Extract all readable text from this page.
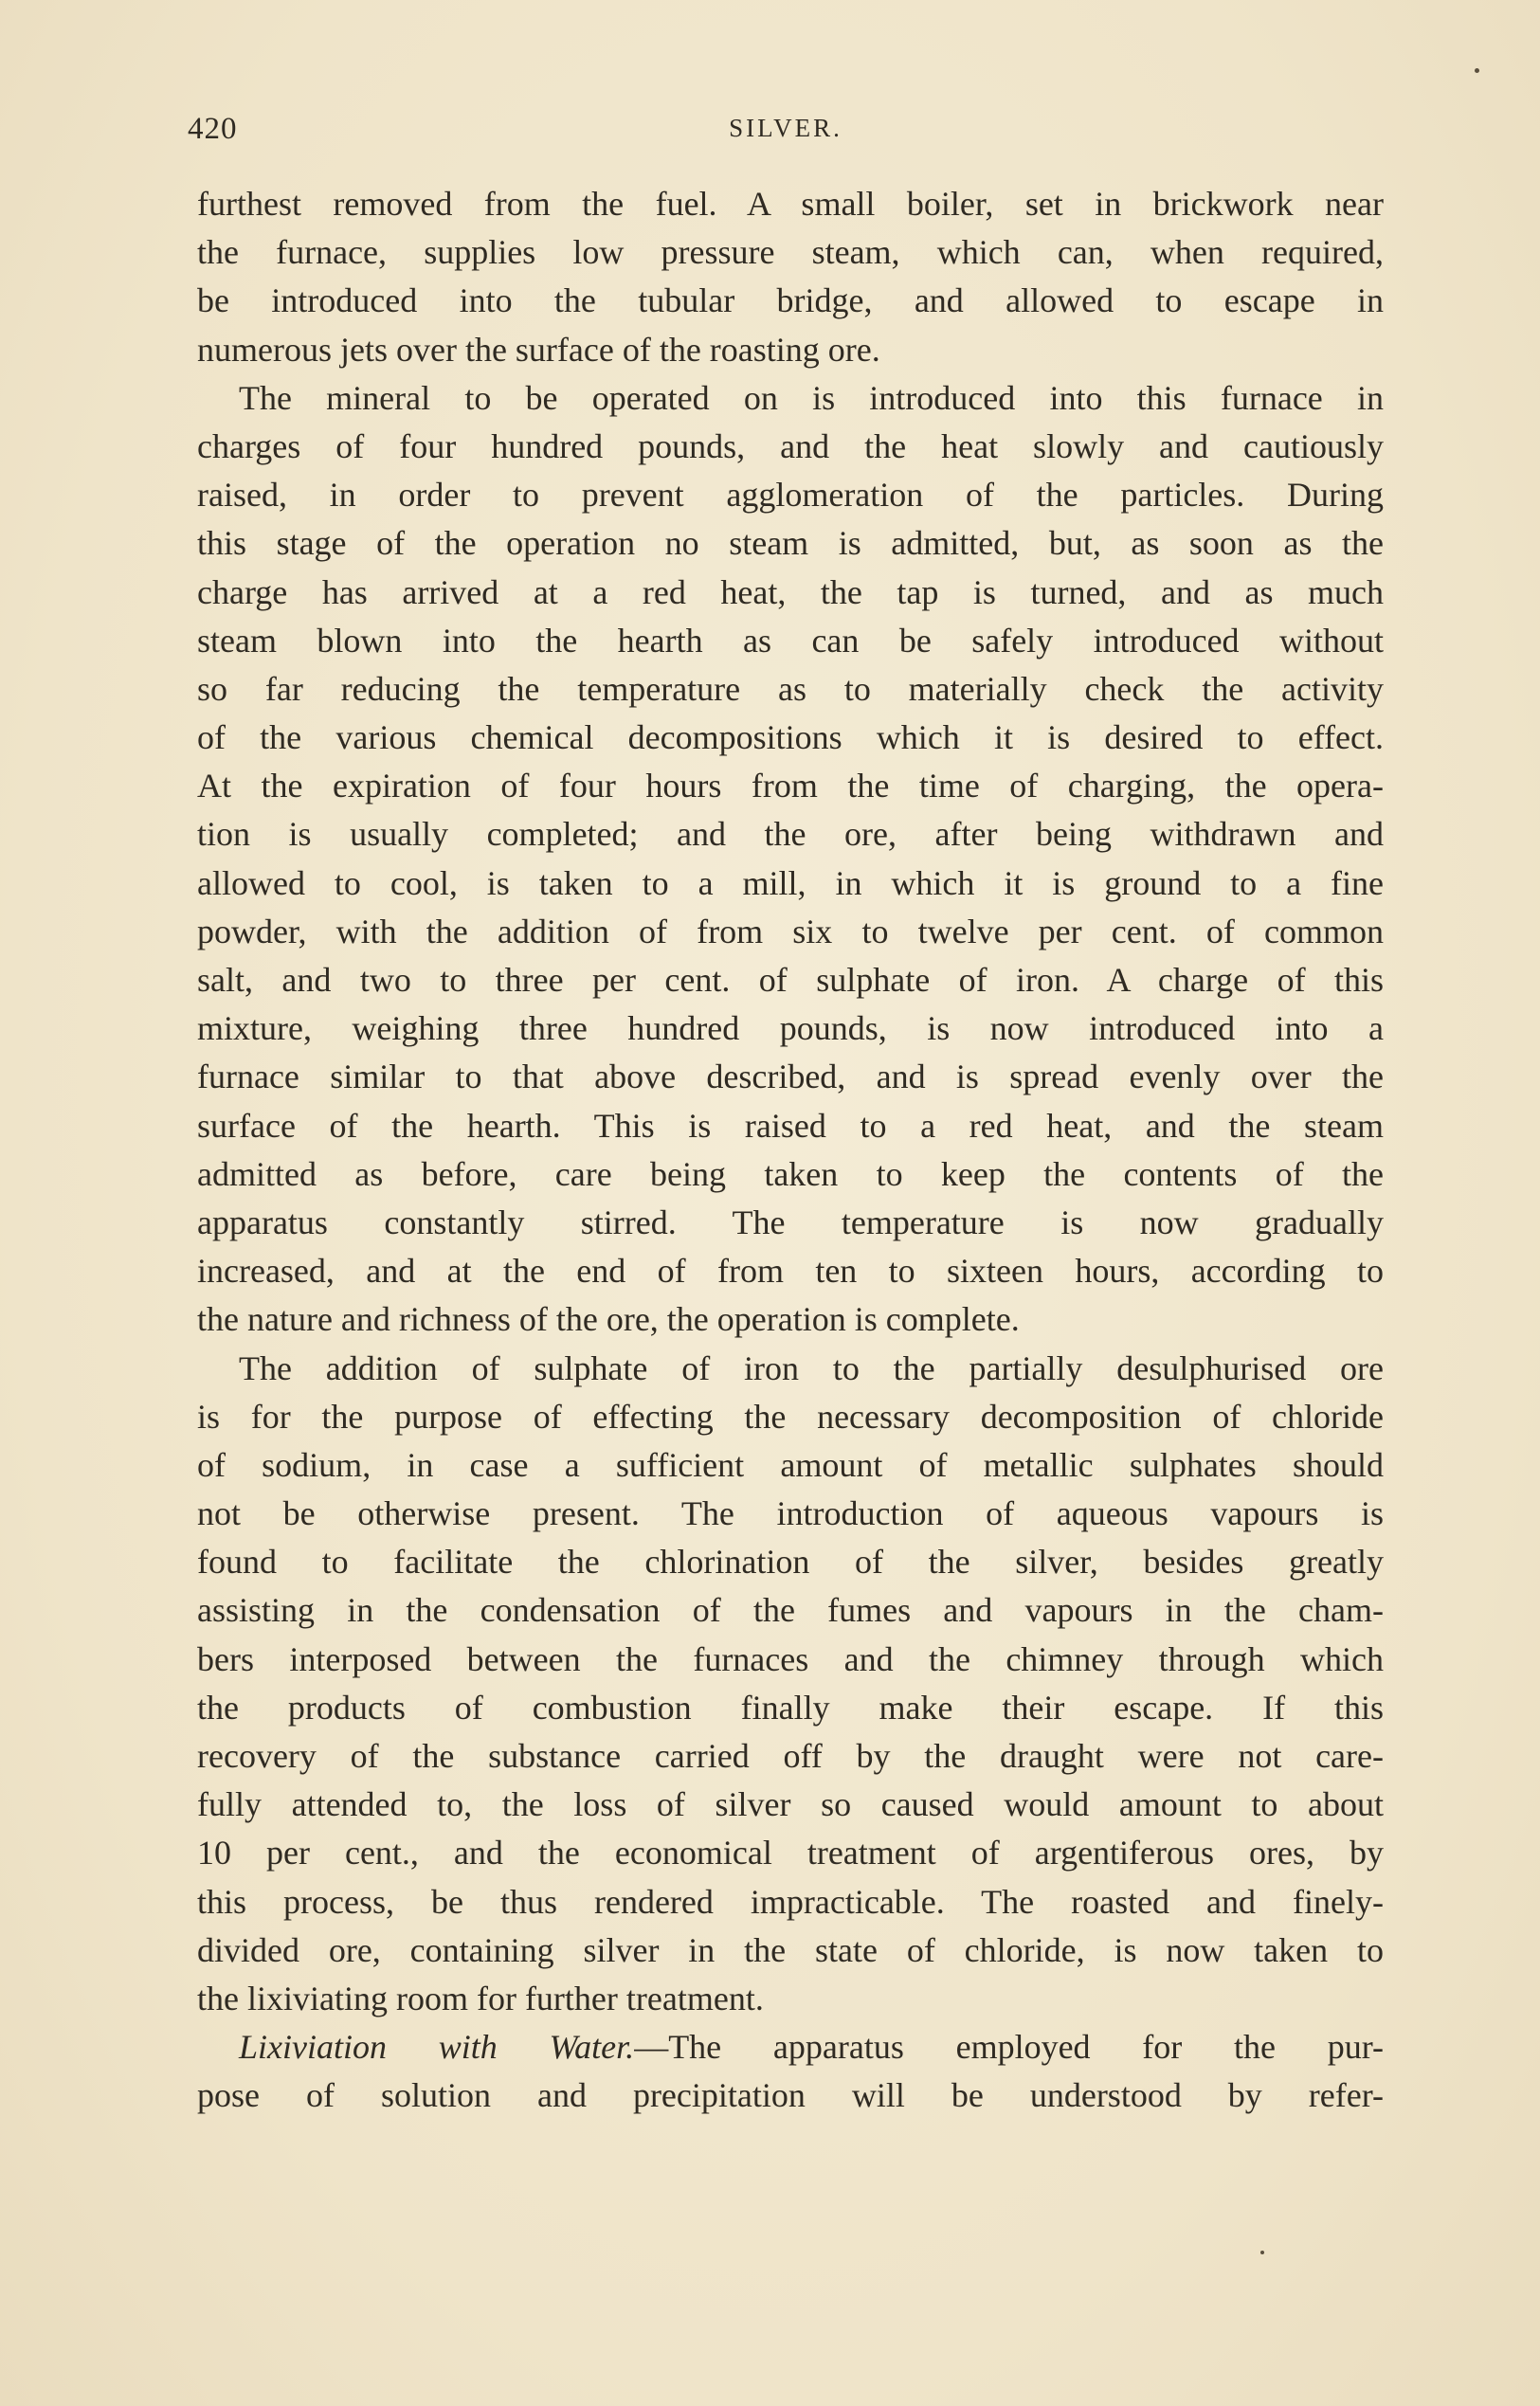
420	SILVER.
furthest removed from the fuel. A small boiler, set in brickwork near
the furnace, supplies low pressure steam, which can, when required,
be introduced into the tubular bridge, and allowed to escape in
numerous jets over the surface of the roasting ore.
The mineral to be operated on is introduced into this furnace in
charges of four hundred pounds, and the heat slowly and cautiously
raised, in order to prevent agglomeration of the particles. During
this stage of the operation no steam is admitted, but, as soon as the
charge has arrived at a red heat, the tap is turned, and as much
steam blown into the hearth as can be safely introduced without
so far reducing the temperature as to materially check the activity
of the various chemical decompositions which it is desired to effect.
At the expiration of four hours from the time of charging, the opera-
tion is usually completed; and the ore, after being withdrawn and
allowed to cool, is taken to a mill, in which it is ground to a fine
powder, with the addition of from six to twelve per cent. of common
salt, and two to three per cent. of sulphate of iron. A charge of this
mixture, weighing three hundred pounds, is now introduced into a
furnace similar to that above described, and is spread evenly over the
surface of the hearth. This is raised to a red heat, and the steam
admitted as before, care being taken to keep the contents of the
apparatus constantly stirred. The temperature is now gradually
increased, and at the end of from ten to sixteen hours, according to
the nature and richness of the ore, the operation is complete.
The addition of sulphate of iron to the partially desulphurised ore
is for the purpose of effecting the necessary decomposition of chloride
of sodium, in case a sufficient amount of metallic sulphates should
not be otherwise present. The introduction of aqueous vapours is
found to facilitate the chlorination of the silver, besides greatly
assisting in the condensation of the fumes and vapours in the cham-
bers interposed between the furnaces and the chimney through which
the products of combustion finally make their escape. If this
recovery of the substance carried off by the draught were not care-
fully attended to, the loss of silver so caused would amount to about
10 per cent., and the economical treatment of argentiferous ores, by
this process, be thus rendered impracticable. The roasted and finely-
divided ore, containing silver in the state of chloride, is now taken to
the lixiviating room for further treatment.
Lixiviation with Water.—The apparatus employed for the pur-
pose of solution and precipitation will be understood by refer-
